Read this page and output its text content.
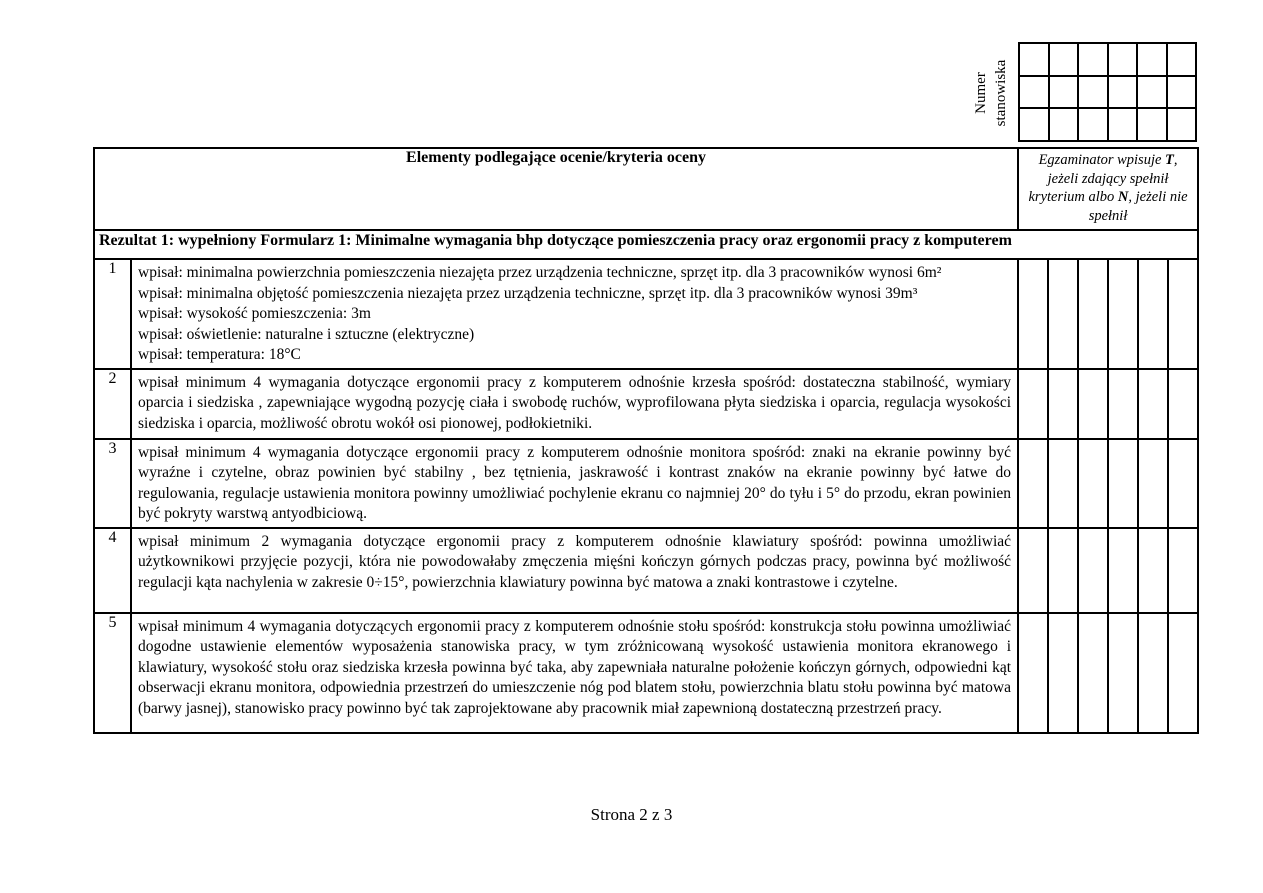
Numer stanowiska

Elementy podlegające ocenie/kryteria oceny		Egzaminator wpisuje T, jeżeli zdający spełnił kryterium albo N, jeżeli nie spełnił					
Rezultat 1: wypełniony Formularz 1: Minimalne wymagania bhp dotyczące pomieszczenia pracy oraz ergonomii pracy z komputerem							
1	wpisał: minimalna powierzchnia pomieszczenia niezajęta przez urządzenia techniczne, sprzęt itp. dla 3 pracowników wynosi 6m²
wpisał: minimalna objętość pomieszczenia niezajęta przez urządzenia techniczne, sprzęt itp. dla 3 pracowników wynosi 39m³
wpisał: wysokość pomieszczenia: 3m
wpisał: oświetlenie: naturalne i sztuczne (elektryczne)
wpisał: temperatura: 18°C						

2	wpisał minimum 4 wymagania dotyczące ergonomii pracy z komputerem odnośnie krzesła spośród: dostateczna stabilność, wymiary oparcia i siedziska , zapewniające wygodną pozycję ciała i swobodę ruchów, wyprofilowana płyta siedziska i oparcia, regulacja wysokości siedziska i oparcia, możliwość obrotu wokół osi pionowej, podłokietniki.						

3	wpisał minimum 4 wymagania dotyczące ergonomii pracy z komputerem odnośnie monitora spośród: znaki na ekranie powinny być wyraźne i czytelne, obraz powinien być stabilny , bez tętnienia, jaskrawość i kontrast znaków na ekranie powinny być łatwe do regulowania, regulacje ustawienia monitora powinny umożliwiać pochylenie ekranu co najmniej 20° do tyłu i 5° do przodu, ekran powinien być pokryty warstwą antyodbiciową.						

4	wpisał minimum 2 wymagania dotyczące ergonomii pracy z komputerem odnośnie klawiatury spośród: powinna umożliwiać użytkownikowi przyjęcie pozycji, która nie powodowałaby zmęczenia mięśni kończyn górnych podczas pracy, powinna być możliwość regulacji kąta nachylenia w zakresie 0÷15°, powierzchnia klawiatury powinna być matowa a znaki kontrastowe i czytelne.						

5	wpisał minimum 4 wymagania dotyczących ergonomii pracy z komputerem odnośnie stołu spośród: konstrukcja stołu powinna umożliwiać dogodne ustawienie elementów wyposażenia stanowiska pracy, w tym zróżnicowaną wysokość ustawienia monitora ekranowego i klawiatury, wysokość stołu oraz siedziska krzesła powinna być taka, aby zapewniała naturalne położenie kończyn górnych, odpowiedni kąt obserwacji ekranu monitora, odpowiednia przestrzeń do umieszczenie nóg pod blatem stołu, powierzchnia blatu stołu powinna być matowa (barwy jasnej), stanowisko pracy powinno być tak zaprojektowane aby pracownik miał zapewnioną dostateczną przestrzeń pracy.						

Strona 2 z 3
